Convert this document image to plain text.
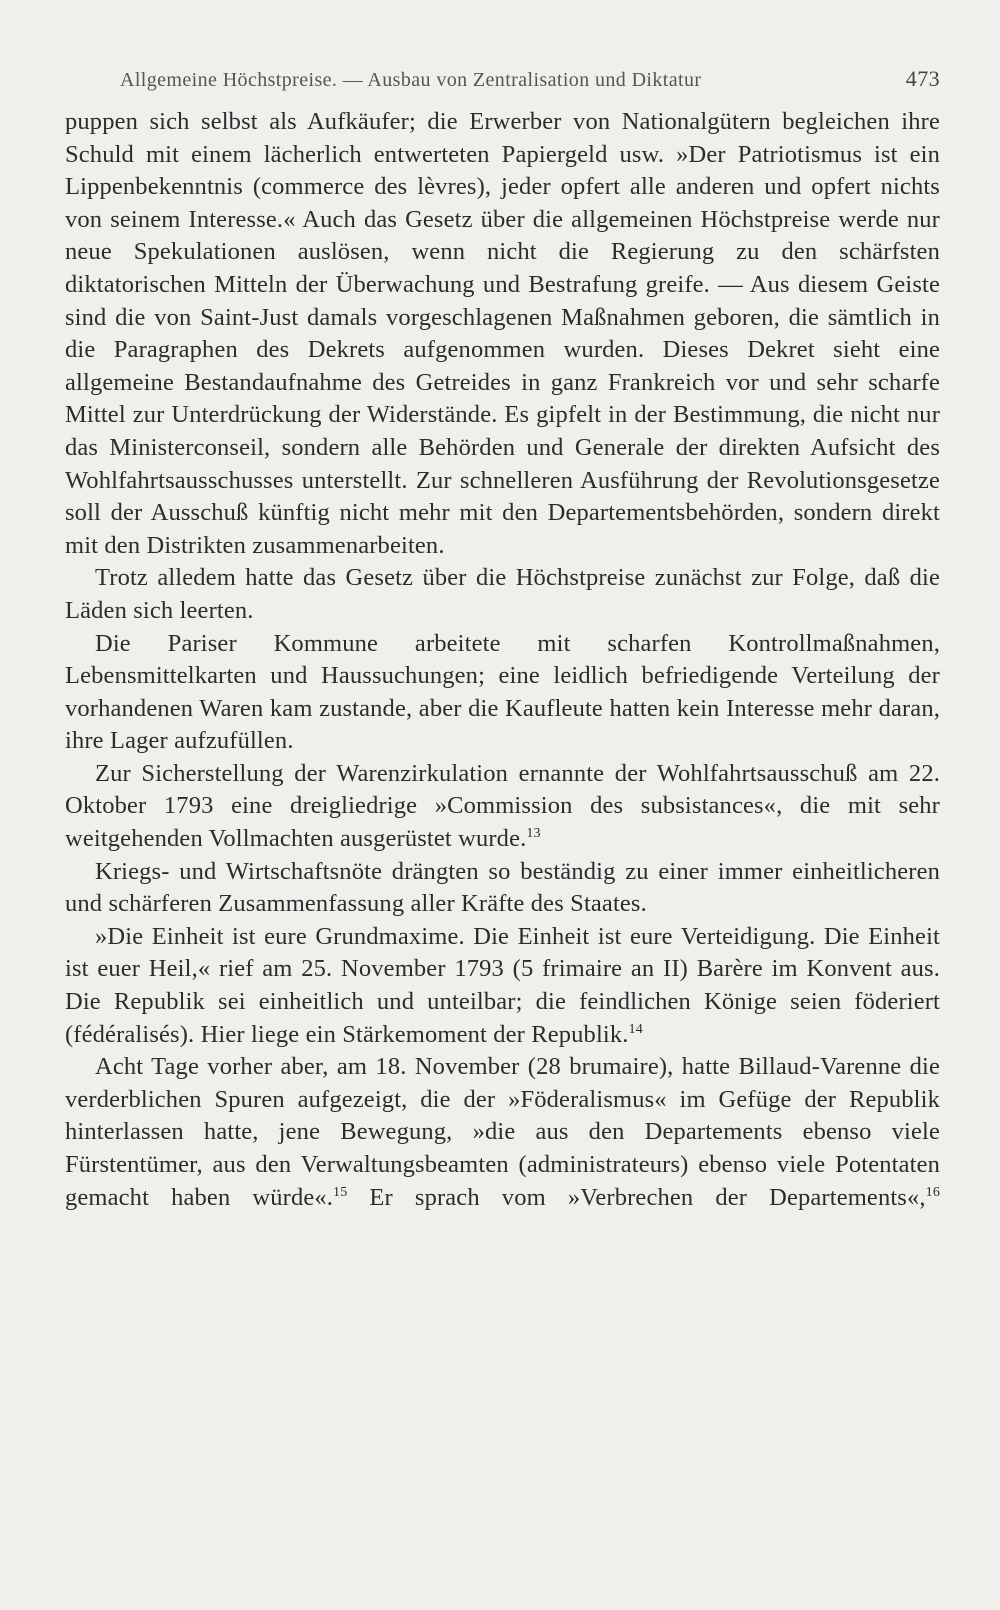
Allgemeine Höchstpreise. — Ausbau von Zentralisation und Diktatur	473

puppen sich selbst als Aufkäufer; die Erwerber von Nationalgütern begleichen ihre Schuld mit einem lächerlich entwerteten Papiergeld usw. »Der Patriotismus ist ein Lippenbekenntnis (commerce des lèvres), jeder opfert alle anderen und opfert nichts von seinem Interesse.« Auch das Gesetz über die allgemeinen Höchstpreise werde nur neue Spekulationen auslösen, wenn nicht die Regierung zu den schärfsten diktatorischen Mitteln der Überwachung und Bestrafung greife. — Aus diesem Geiste sind die von Saint-Just damals vorgeschlagenen Maßnahmen geboren, die sämtlich in die Paragraphen des Dekrets aufgenommen wurden. Dieses Dekret sieht eine allgemeine Bestandaufnahme des Getreides in ganz Frankreich vor und sehr scharfe Mittel zur Unterdrückung der Widerstände. Es gipfelt in der Bestimmung, die nicht nur das Ministerconseil, sondern alle Behörden und Generale der direkten Aufsicht des Wohlfahrtsausschusses unterstellt. Zur schnelleren Ausführung der Revolutionsgesetze soll der Ausschuß künftig nicht mehr mit den Departementsbehörden, sondern direkt mit den Distrikten zusammenarbeiten.

Trotz alledem hatte das Gesetz über die Höchstpreise zunächst zur Folge, daß die Läden sich leerten.

Die Pariser Kommune arbeitete mit scharfen Kontrollmaßnahmen, Lebensmittelkarten und Haussuchungen; eine leidlich befriedigende Verteilung der vorhandenen Waren kam zustande, aber die Kaufleute hatten kein Interesse mehr daran, ihre Lager aufzufüllen.

Zur Sicherstellung der Warenzirkulation ernannte der Wohlfahrtsausschuß am 22. Oktober 1793 eine dreigliedrige »Commission des subsistances«, die mit sehr weitgehenden Vollmachten ausgerüstet wurde.$^{13}$

Kriegs- und Wirtschaftsnöte drängten so beständig zu einer immer einheitlicheren und schärferen Zusammenfassung aller Kräfte des Staates.

»Die Einheit ist eure Grundmaxime. Die Einheit ist eure Verteidigung. Die Einheit ist euer Heil,« rief am 25. November 1793 (5 frimaire an II) Barère im Konvent aus. Die Republik sei einheitlich und unteilbar; die feindlichen Könige seien föderiert (fédéralisés). Hier liege ein Stärkemoment der Republik.$^{14}$

Acht Tage vorher aber, am 18. November (28 brumaire), hatte Billaud-Varenne die verderblichen Spuren aufgezeigt, die der »Föderalismus« im Gefüge der Republik hinterlassen hatte, jene Bewegung, »die aus den Departements ebenso viele Fürstentümer, aus den Verwaltungsbeamten (administrateurs) ebenso viele Potentaten gemacht haben würde«.$^{15}$ Er sprach vom »Verbrechen der Departements«,$^{16}$
